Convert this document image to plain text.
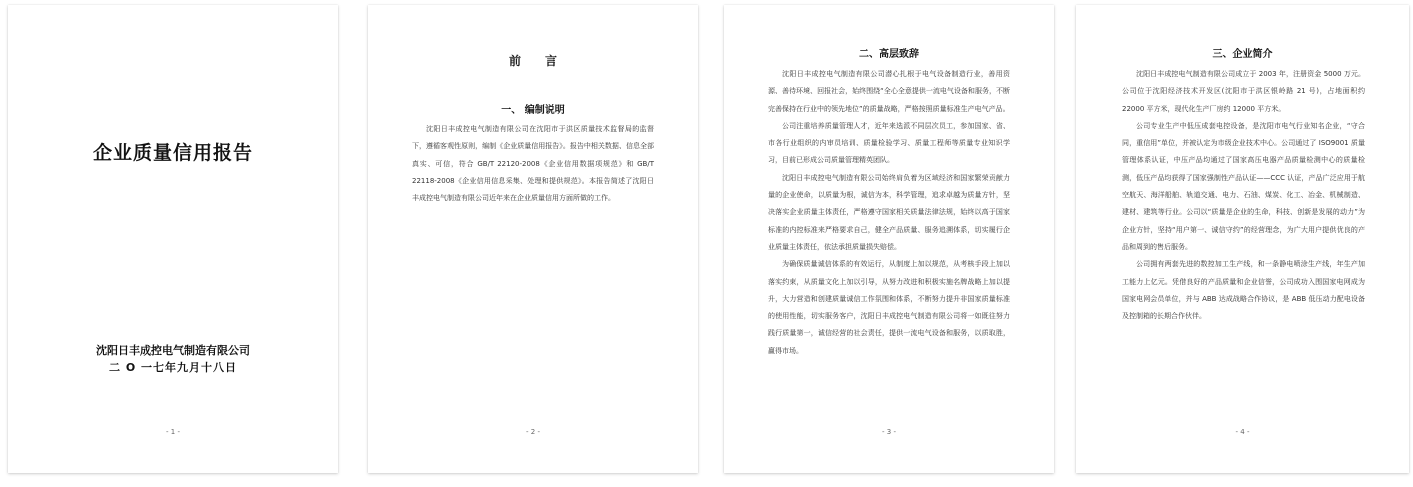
企业质量信用报告
沈阳日丰成控电气制造有限公司
二 O 一七年九月十八日
- 1 -
前　　言
一、 编制说明

沈阳日丰成控电气制造有限公司在沈阳市于洪区质量技术监督局的监督下，遵循客观性原则，编制《企业质量信用报告》。报告中相关数据、信息全部真实、可信，符合 GB/T 22120-2008《企业信用数据项规范》和 GB/T 22118-2008《企业信用信息采集、处理和提供规范》。本报告简述了沈阳日丰成控电气制造有限公司近年来在企业质量信用方面所做的工作。

- 2 -
二、高层致辞

沈阳日丰成控电气制造有限公司潜心扎根于电气设备制造行业，善用资源、善待环境、回报社会，始终围绕“全心全意提供一流电气设备和服务，不断完善保持在行业中的领先地位”的质量战略，严格按照质量标准生产电气产品。

公司注重培养质量管理人才，近年来选派不同层次员工，参加国家、省、市各行业组织的内审员培训、质量检验学习、质量工程师等质量专业知识学习，目前已形成公司质量管理精英团队。

沈阳日丰成控电气制造有限公司始终肩负着为区域经济和国家繁荣贡献力量的企业使命，以质量为根，诚信为本，科学管理，追求卓越为质量方针，坚决落实企业质量主体责任，严格遵守国家相关质量法律法规，始终以高于国家标准的内控标准来严格要求自己，健全产品质量、服务追溯体系，切实履行企业质量主体责任，依法承担质量损失赔偿。

为确保质量诚信体系的有效运行，从制度上加以规范，从考核手段上加以落实约束，从质量文化上加以引导，从努力改进和积极实施名牌战略上加以提升，大力营造和创建质量诚信工作氛围和体系，不断努力提升非国家质量标准的使用性能，切实服务客户，沈阳日丰成控电气制造有限公司将一如既往努力践行质量第一，诚信经营的社会责任，提供一流电气设备和服务，以质取胜，赢得市场。

- 3 -
三、企业简介

沈阳日丰成控电气制造有限公司成立于 2003 年，注册资金 5000 万元。公司位于沈阳经济技术开发区(沈阳市于洪区银岭路 21 号)，占地面积约 22000 平方米，现代化生产厂房约 12000 平方米。

公司专业生产中低压成套电控设备，是沈阳市电气行业知名企业，“守合同，重信用”单位，并被认定为市级企业技术中心。公司通过了 ISO9001 质量管理体系认证，中压产品均通过了国家高压电器产品质量检测中心的质量检测，低压产品均获得了国家强制性产品认证——CCC 认证，产品广泛应用于航空航天、海洋船舶、轨道交通、电力、石油、煤炭、化工、冶金、机械制造、建材、建筑等行业。公司以“质量是企业的生命，科技、创新是发展的动力”为企业方针，坚持“用户第一、诚信守约”的经营理念，为广大用户提供优良的产品和周到的售后服务。

公司拥有两套先进的数控加工生产线，和一条静电喷涂生产线，年生产加工能力上亿元。凭借良好的产品质量和企业信誉，公司成功入围国家电网成为国家电网会员单位，并与 ABB 达成战略合作协议，是 ABB 低压动力配电设备及控制箱的长期合作伙伴。

- 4 -
